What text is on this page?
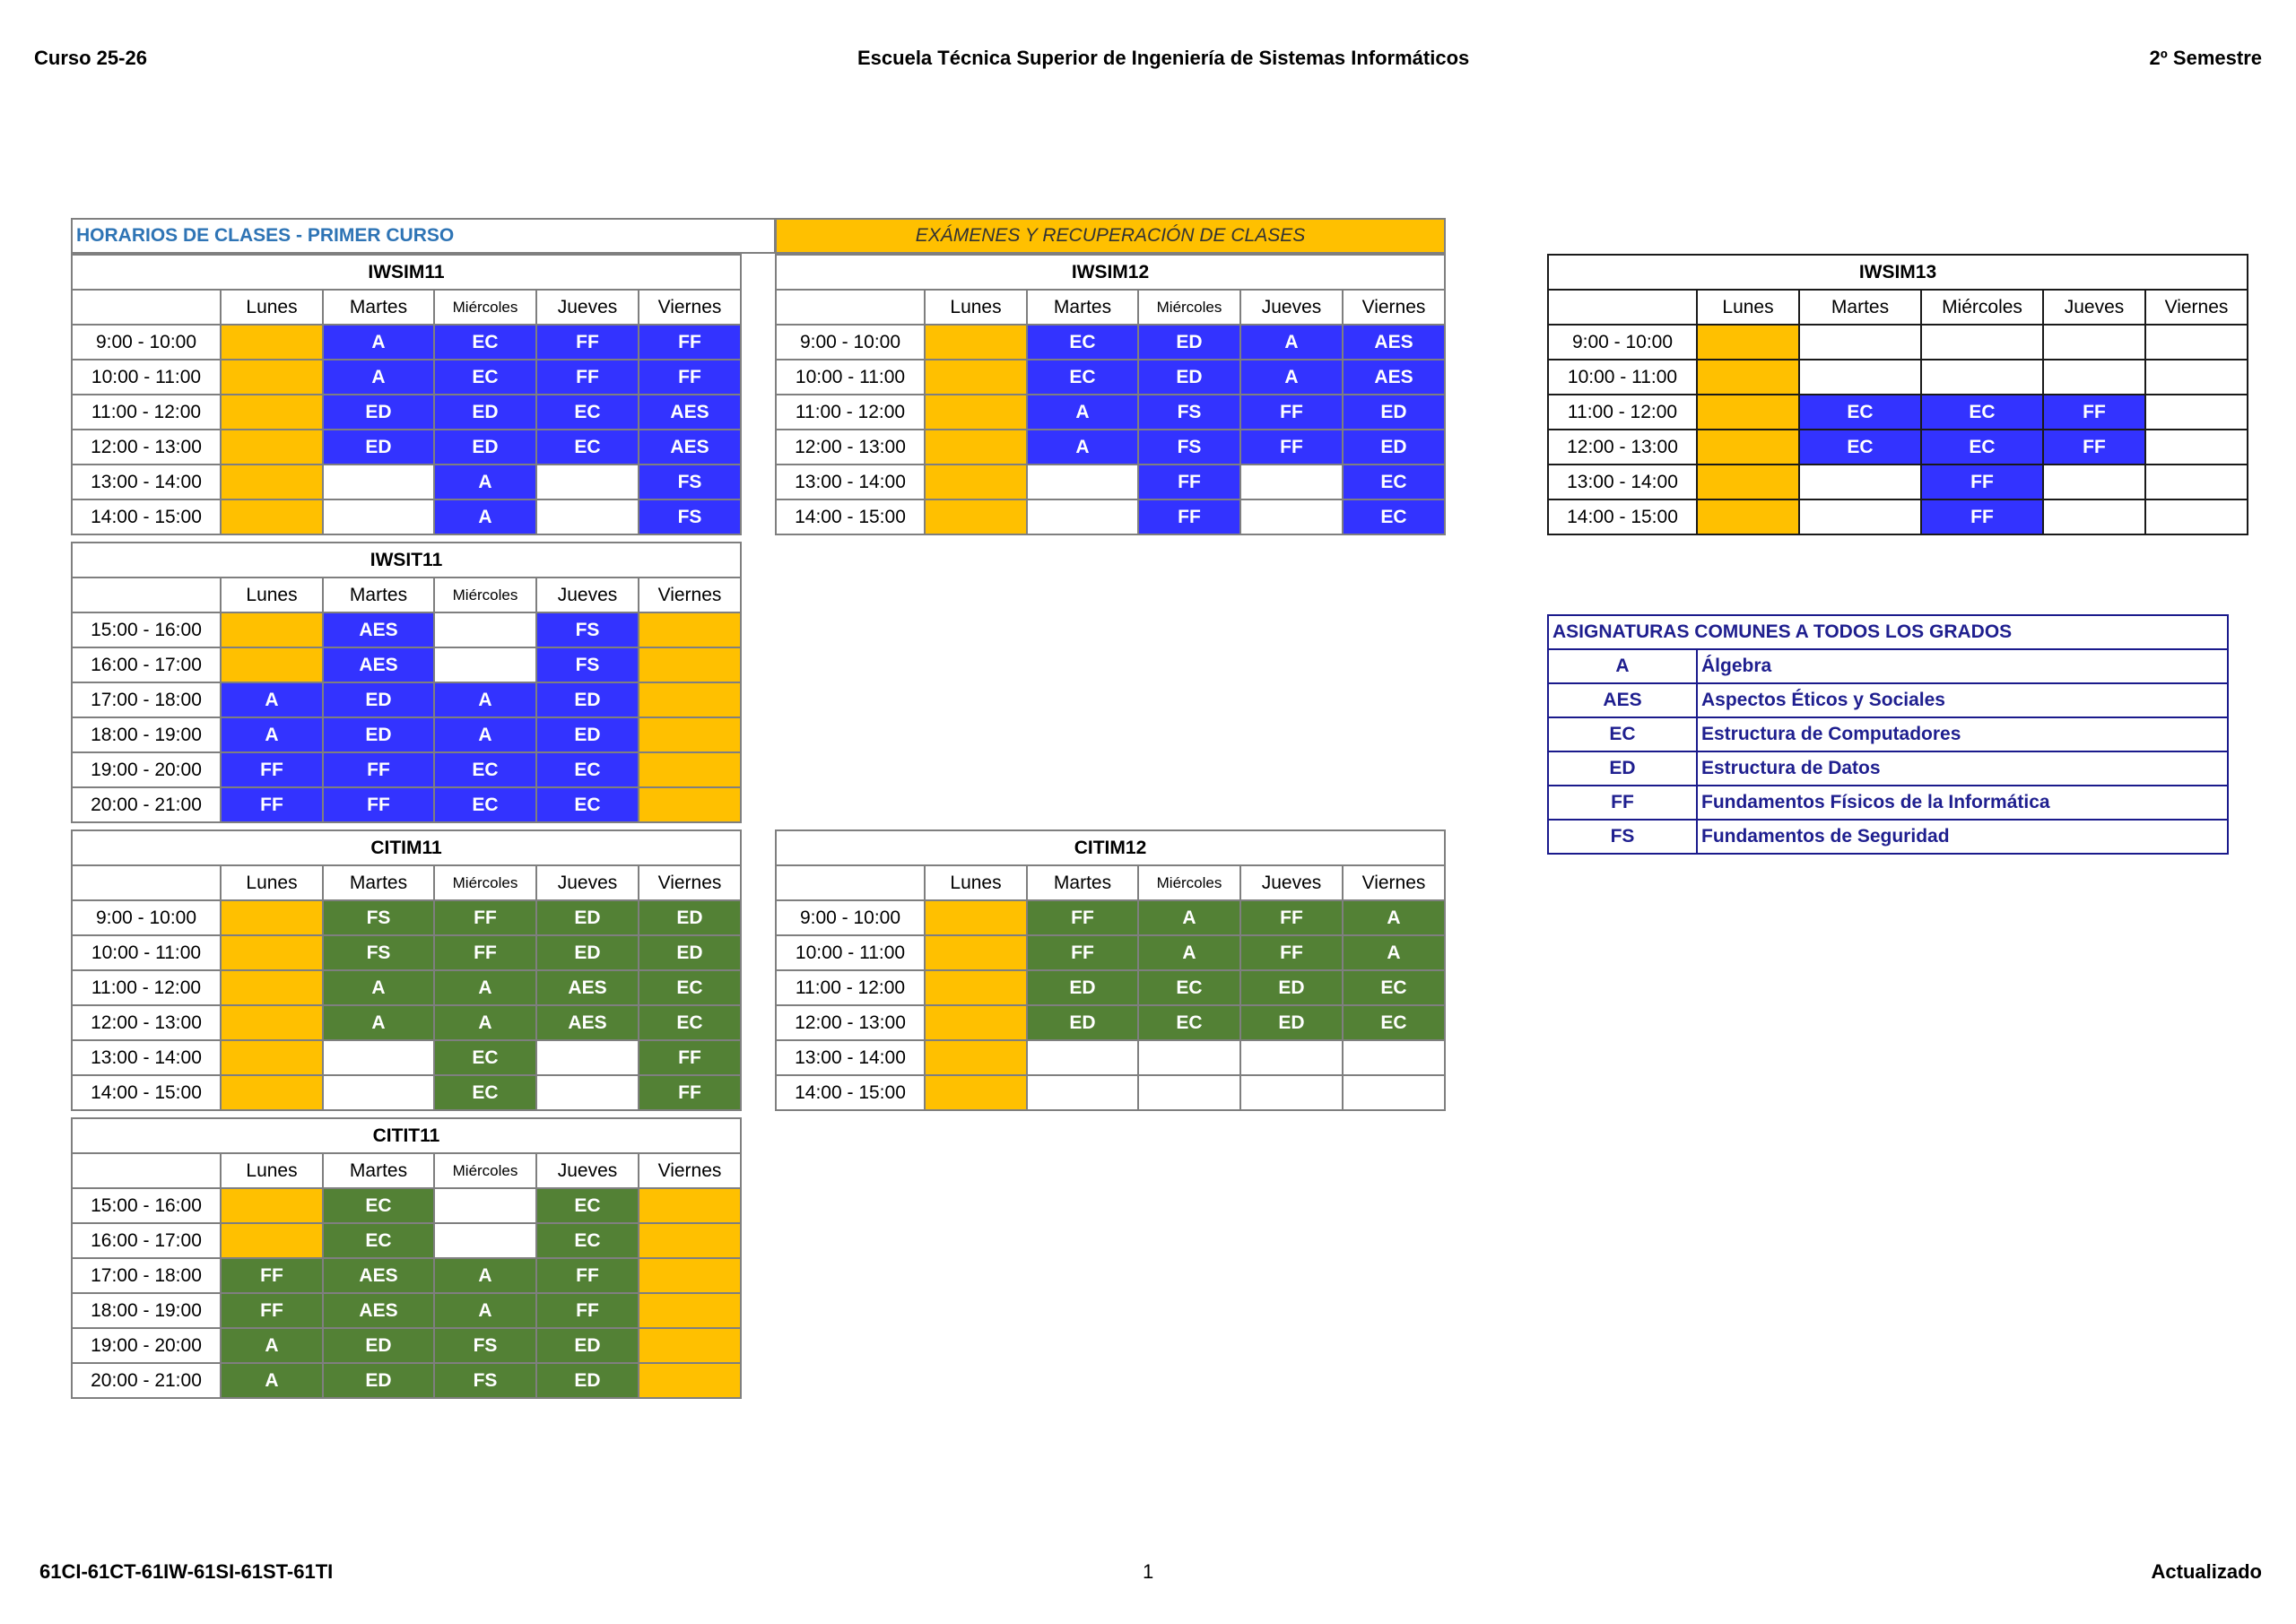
Curso 25-26	Escuela Técnica Superior de Ingeniería de Sistemas Informáticos	2º Semestre
HORARIOS DE CLASES - PRIMER CURSO	EXÁMENES Y RECUPERACIÓN DE CLASES
IWSIM11					
	Lunes	Martes	Miércoles	Jueves	Viernes
9:00 - 10:00		A	EC	FF	FF
10:00 - 11:00		A	EC	FF	FF
11:00 - 12:00		ED	ED	EC	AES
12:00 - 13:00		ED	ED	EC	AES
13:00 - 14:00			A		FS
14:00 - 15:00			A		FS
IWSIM12					
	Lunes	Martes	Miércoles	Jueves	Viernes
9:00 - 10:00		EC	ED	A	AES
10:00 - 11:00		EC	ED	A	AES
11:00 - 12:00		A	FS	FF	ED
12:00 - 13:00		A	FS	FF	ED
13:00 - 14:00			FF		EC
14:00 - 15:00			FF		EC
IWSIM13					
	Lunes	Martes	Miércoles	Jueves	Viernes
9:00 - 10:00					
10:00 - 11:00					
11:00 - 12:00		EC	EC	FF	
12:00 - 13:00		EC	EC	FF	
13:00 - 14:00			FF		
14:00 - 15:00			FF		
IWSIT11					
	Lunes	Martes	Miércoles	Jueves	Viernes
15:00 - 16:00		AES		FS	
16:00 - 17:00		AES		FS	
17:00 - 18:00	A	ED	A	ED	
18:00 - 19:00	A	ED	A	ED	
19:00 - 20:00	FF	FF	EC	EC	
20:00 - 21:00	FF	FF	EC	EC	
CITIM11					
	Lunes	Martes	Miércoles	Jueves	Viernes
9:00 - 10:00		FS	FF	ED	ED
10:00 - 11:00		FS	FF	ED	ED
11:00 - 12:00		A	A	AES	EC
12:00 - 13:00		A	A	AES	EC
13:00 - 14:00			EC		FF
14:00 - 15:00			EC		FF
CITIM12					
	Lunes	Martes	Miércoles	Jueves	Viernes
9:00 - 10:00		FF	A	FF	A
10:00 - 11:00		FF	A	FF	A
11:00 - 12:00		ED	EC	ED	EC
12:00 - 13:00		ED	EC	ED	EC
13:00 - 14:00					
14:00 - 15:00					
CITIT11					
	Lunes	Martes	Miércoles	Jueves	Viernes
15:00 - 16:00		EC		EC	
16:00 - 17:00		EC		EC	
17:00 - 18:00	FF	AES	A	FF	
18:00 - 19:00	FF	AES	A	FF	
19:00 - 20:00	A	ED	FS	ED	
20:00 - 21:00	A	ED	FS	ED	
ASIGNATURAS COMUNES A TODOS LOS GRADOS	
A	Álgebra
AES	Aspectos Éticos y Sociales
EC	Estructura de Computadores
ED	Estructura de Datos
FF	Fundamentos Físicos de la Informática
FS	Fundamentos de Seguridad
61CI-61CT-61IW-61SI-61ST-61TI	1	Actualizado
